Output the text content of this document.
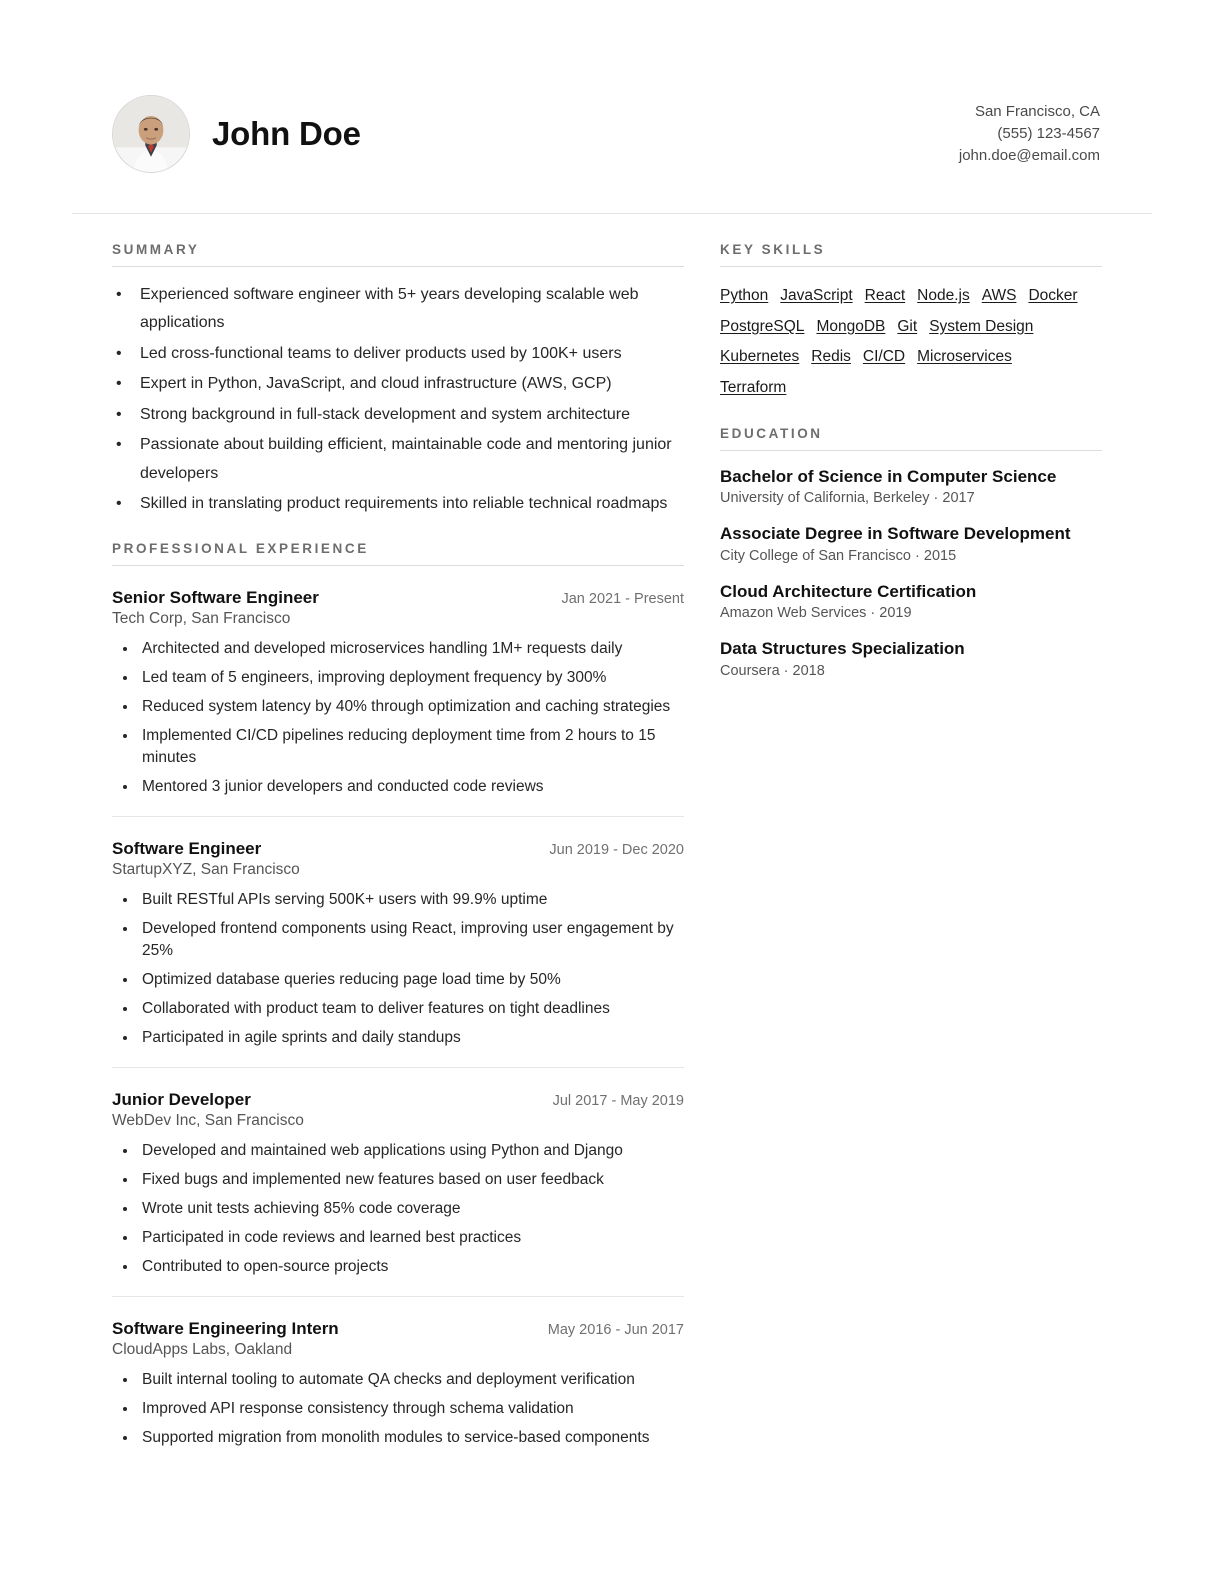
John Doe
San Francisco, CA
(555) 123-4567
john.doe@email.com
SUMMARY
• Experienced software engineer with 5+ years developing scalable web applications
• Led cross-functional teams to deliver products used by 100K+ users
• Expert in Python, JavaScript, and cloud infrastructure (AWS, GCP)
• Strong background in full-stack development and system architecture
• Passionate about building efficient, maintainable code and mentoring junior developers
• Skilled in translating product requirements into reliable technical roadmaps
PROFESSIONAL EXPERIENCE
Senior Software Engineer	Jan 2021 - Present
Tech Corp, San Francisco
• Architected and developed microservices handling 1M+ requests daily
• Led team of 5 engineers, improving deployment frequency by 300%
• Reduced system latency by 40% through optimization and caching strategies
• Implemented CI/CD pipelines reducing deployment time from 2 hours to 15 minutes
• Mentored 3 junior developers and conducted code reviews
Software Engineer	Jun 2019 - Dec 2020
StartupXYZ, San Francisco
• Built RESTful APIs serving 500K+ users with 99.9% uptime
• Developed frontend components using React, improving user engagement by 25%
• Optimized database queries reducing page load time by 50%
• Collaborated with product team to deliver features on tight deadlines
• Participated in agile sprints and daily standups
Junior Developer	Jul 2017 - May 2019
WebDev Inc, San Francisco
• Developed and maintained web applications using Python and Django
• Fixed bugs and implemented new features based on user feedback
• Wrote unit tests achieving 85% code coverage
• Participated in code reviews and learned best practices
• Contributed to open-source projects
Software Engineering Intern	May 2016 - Jun 2017
CloudApps Labs, Oakland
• Built internal tooling to automate QA checks and deployment verification
• Improved API response consistency through schema validation
• Supported migration from monolith modules to service-based components
KEY SKILLS
Python JavaScript React Node.js AWS DockerPostgreSQL MongoDB Git System DesignKubernetes Redis CI/CD MicroservicesTerraform
EDUCATION
Bachelor of Science in Computer Science
University of California, Berkeley · 2017
Associate Degree in Software Development
City College of San Francisco · 2015
Cloud Architecture Certification
Amazon Web Services · 2019
Data Structures Specialization
Coursera · 2018
